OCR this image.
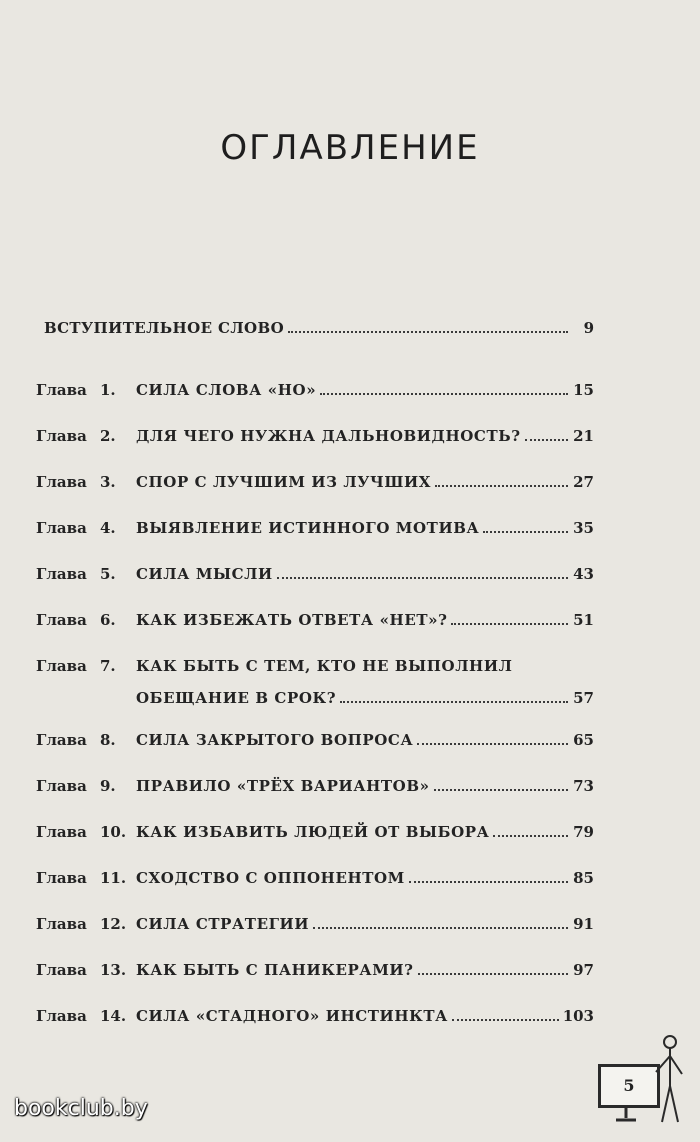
ОГЛАВЛЕНИЕ
ВСТУПИТЕЛЬНОЕ СЛОВО	9
Глава 1.	СИЛА СЛОВА «НО»	15
Глава 2.	ДЛЯ ЧЕГО НУЖНА ДАЛЬНОВИДНОСТЬ?	21
Глава 3.	СПОР С ЛУЧШИМ ИЗ ЛУЧШИХ	27
Глава 4.	ВЫЯВЛЕНИЕ ИСТИННОГО МОТИВА	35
Глава 5.	СИЛА МЫСЛИ	43
Глава 6.	КАК ИЗБЕЖАТЬ ОТВЕТА «НЕТ»?	51
Глава 7.	КАК БЫТЬ С ТЕМ, КТО НЕ ВЫПОЛНИЛ
ОБЕЩАНИЕ В СРОК?	57
Глава 8.	СИЛА ЗАКРЫТОГО ВОПРОСА	65
Глава 9.	ПРАВИЛО «ТРЁХ ВАРИАНТОВ»	73
Глава 10. КАК ИЗБАВИТЬ ЛЮДЕЙ ОТ ВЫБОРА	79
Глава 11. СХОДСТВО С ОППОНЕНТОМ	85
Глава 12. СИЛА СТРАТЕГИИ	91
Глава 13. КАК БЫТЬ С ПАНИКЕРАМИ?	97
Глава 14. СИЛА «СТАДНОГО» ИНСТИНКТА	103
5
bookclub.by
